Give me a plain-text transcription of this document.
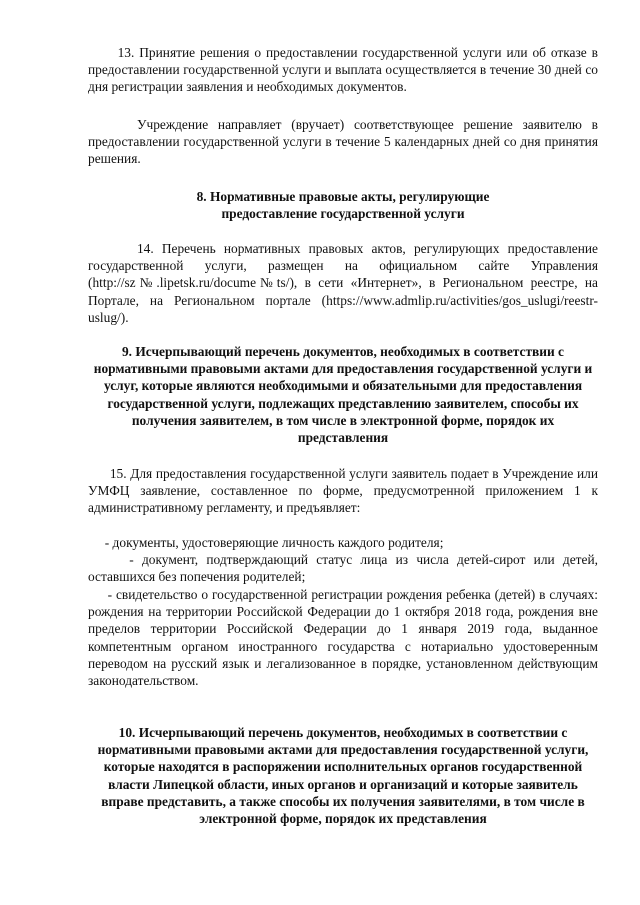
13. Принятие решения о предоставлении государственной услуги или об отказе в предоставлении государственной услуги и выплата осуществляется в течение 30 дней со дня регистрации заявления и необходимых документов.

Учреждение направляет (вручает) соответствующее решение заявителю в предоставлении государственной услуги в течение 5 календарных дней со дня принятия решения.

8. Нормативные правовые акты, регулирующие предоставление государственной услуги

14. Перечень нормативных правовых актов, регулирующих предоставление государственной услуги, размещен на официальном сайте Управления (http://sz№.lipetsk.ru/docume№ts/), в сети «Интернет», в Региональном реестре, на Портале, на Региональном портале (https://www.admlip.ru/activities/gos_uslugi/reestr-uslug/).

9. Исчерпывающий перечень документов, необходимых в соответствии с нормативными правовыми актами для предоставления государственной услуги и услуг, которые являются необходимыми и обязательными для предоставления государственной услуги, подлежащих представлению заявителем, способы их получения заявителем, в том числе в электронной форме, порядок их представления

15. Для предоставления государственной услуги заявитель подает в Учреждение или УМФЦ заявление, составленное по форме, предусмотренной приложением 1 к административному регламенту, и предъявляет:

- документы, удостоверяющие личность каждого родителя;

- документ, подтверждающий статус лица из числа детей-сирот или детей, оставшихся без попечения родителей;

- свидетельство о государственной регистрации рождения ребенка (детей) в случаях: рождения на территории Российской Федерации до 1 октября 2018 года, рождения вне пределов территории Российской Федерации до 1 января 2019 года, выданное компетентным органом иностранного государства с нотариально удостоверенным переводом на русский язык и легализованное в порядке, установленном действующим законодательством.

10. Исчерпывающий перечень документов, необходимых в соответствии с нормативными правовыми актами для предоставления государственной услуги, которые находятся в распоряжении исполнительных органов государственной власти Липецкой области, иных органов и организаций и которые заявитель вправе представить, а также способы их получения заявителями, в том числе в электронной форме, порядок их представления
